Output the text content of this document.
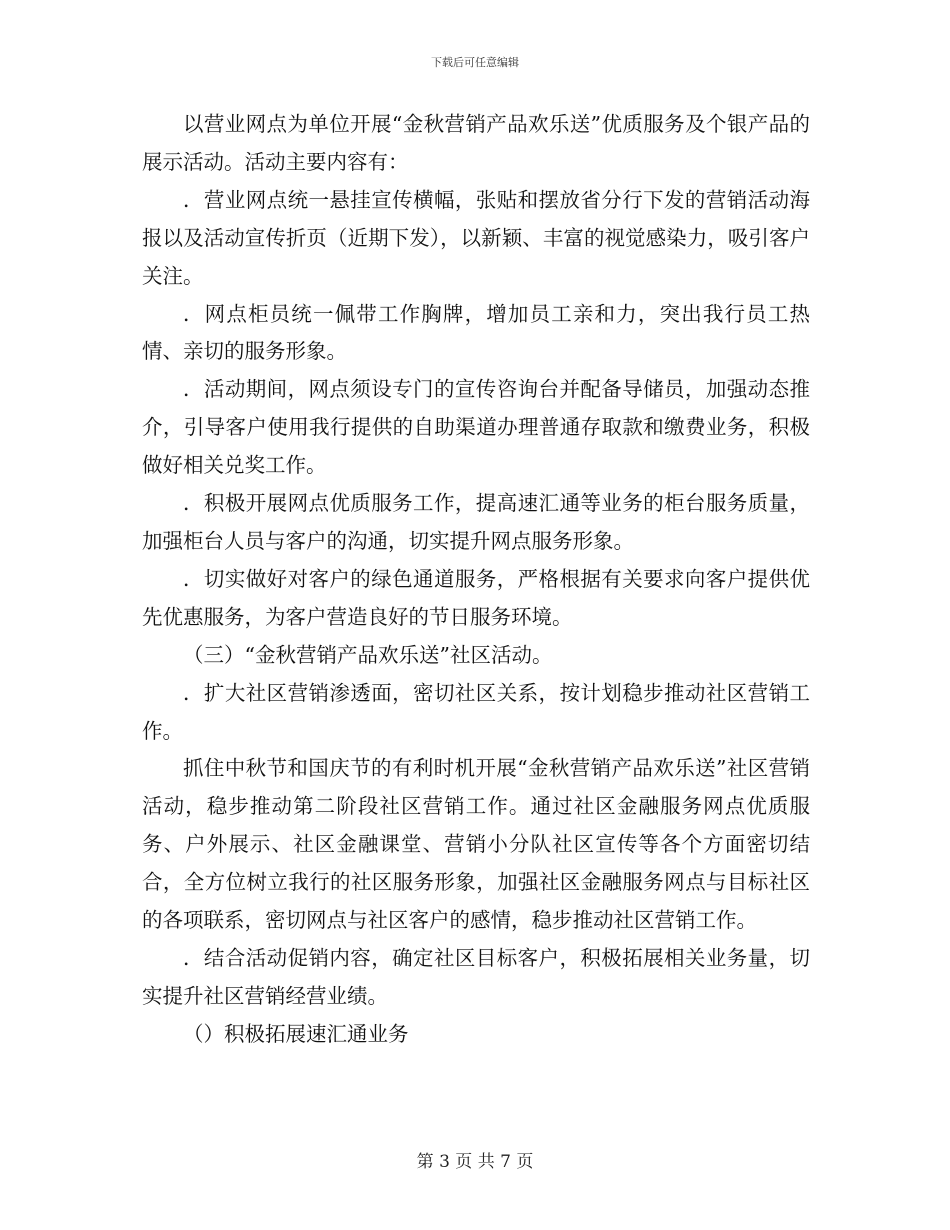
下载后可任意编辑

以营业网点为单位开展“金秋营销产品欢乐送”优质服务及个银产品的展示活动。活动主要内容有：

．营业网点统一悬挂宣传横幅，张贴和摆放省分行下发的营销活动海报以及活动宣传折页（近期下发），以新颖、丰富的视觉感染力，吸引客户关注。

．网点柜员统一佩带工作胸牌，增加员工亲和力，突出我行员工热情、亲切的服务形象。

．活动期间，网点须设专门的宣传咨询台并配备导储员，加强动态推介，引导客户使用我行提供的自助渠道办理普通存取款和缴费业务，积极做好相关兑奖工作。

．积极开展网点优质服务工作，提高速汇通等业务的柜台服务质量，加强柜台人员与客户的沟通，切实提升网点服务形象。

．切实做好对客户的绿色通道服务，严格根据有关要求向客户提供优先优惠服务，为客户营造良好的节日服务环境。

（三）“金秋营销产品欢乐送”社区活动。

．扩大社区营销渗透面，密切社区关系，按计划稳步推动社区营销工作。

抓住中秋节和国庆节的有利时机开展“金秋营销产品欢乐送”社区营销活动，稳步推动第二阶段社区营销工作。通过社区金融服务网点优质服务、户外展示、社区金融课堂、营销小分队社区宣传等各个方面密切结合，全方位树立我行的社区服务形象，加强社区金融服务网点与目标社区的各项联系，密切网点与社区客户的感情，稳步推动社区营销工作。

．结合活动促销内容，确定社区目标客户，积极拓展相关业务量，切实提升社区营销经营业绩。

（）积极拓展速汇通业务

第 3 页 共 7 页
